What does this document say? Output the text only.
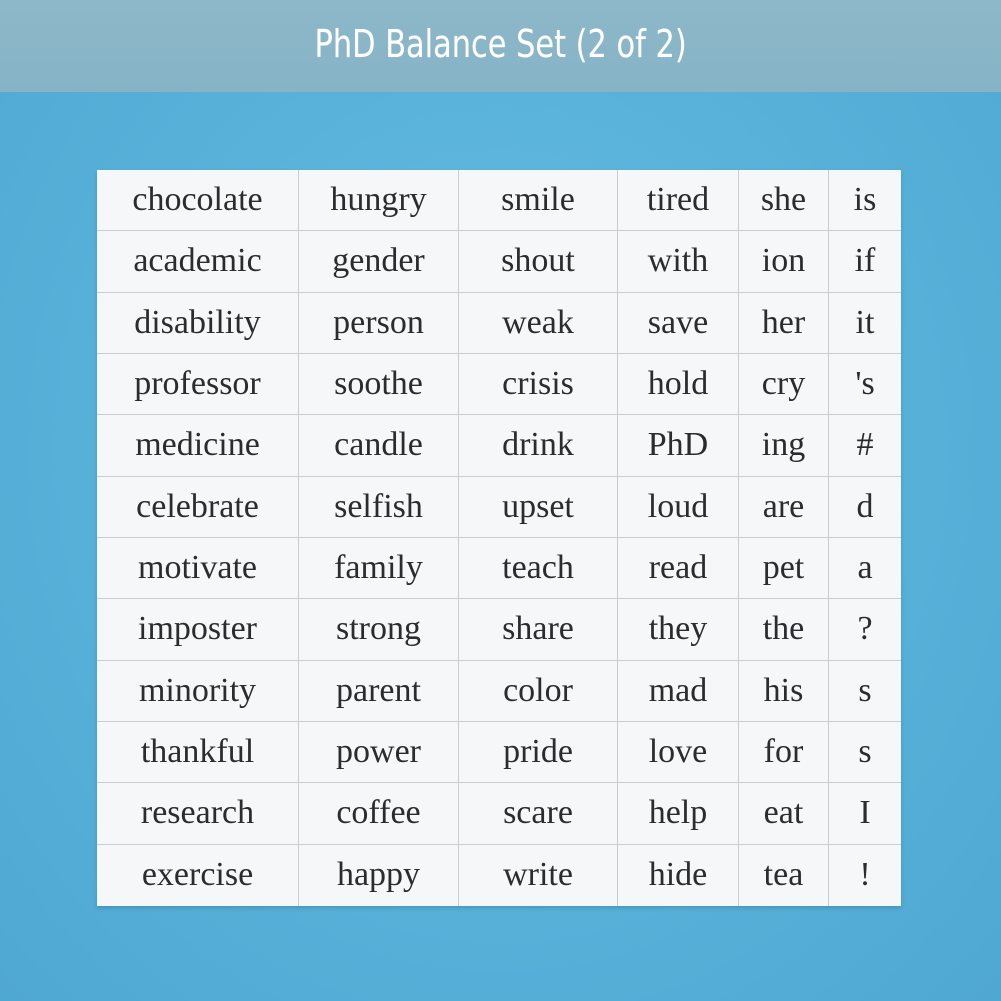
PhD Balance Set (2 of 2)
chocolate	hungry	smile	tired	she	is
academic	gender	shout	with	ion	if
disability	person	weak	save	her	it
professor	soothe	crisis	hold	cry	's
medicine	candle	drink	PhD	ing	#
celebrate	selfish	upset	loud	are	d
motivate	family	teach	read	pet	a
imposter	strong	share	they	the	?
minority	parent	color	mad	his	s
thankful	power	pride	love	for	s
research	coffee	scare	help	eat	I
exercise	happy	write	hide	tea	!
